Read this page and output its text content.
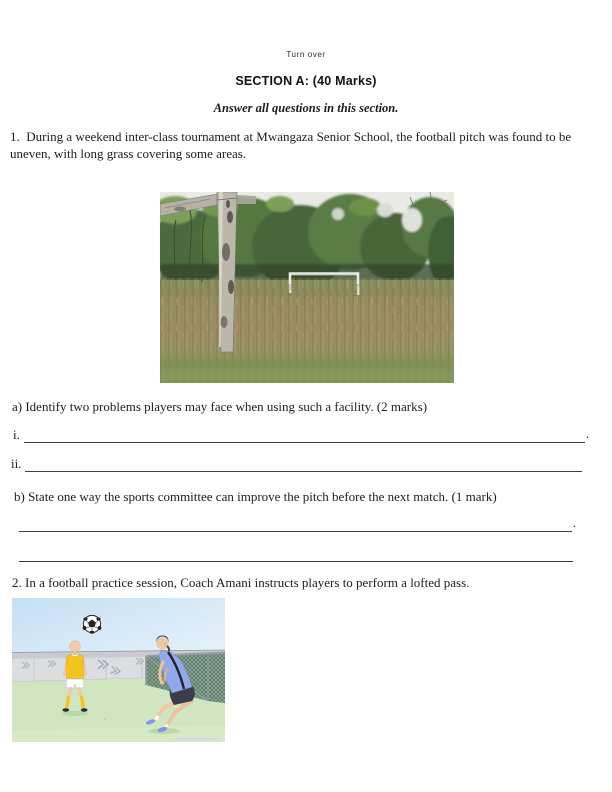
Turn over
SECTION A: (40 Marks)
Answer all questions in this section.
1.  During a weekend inter-class tournament at Mwangaza Senior School, the football pitch was found to be uneven, with long grass covering some areas.
a) Identify two problems players may face when using such a facility. (2 marks)
i.	.
ii.
b) State one way the sports committee can improve the pitch before the next match. (1 mark)
.
2. In a football practice session, Coach Amani instructs players to perform a lofted pass.
